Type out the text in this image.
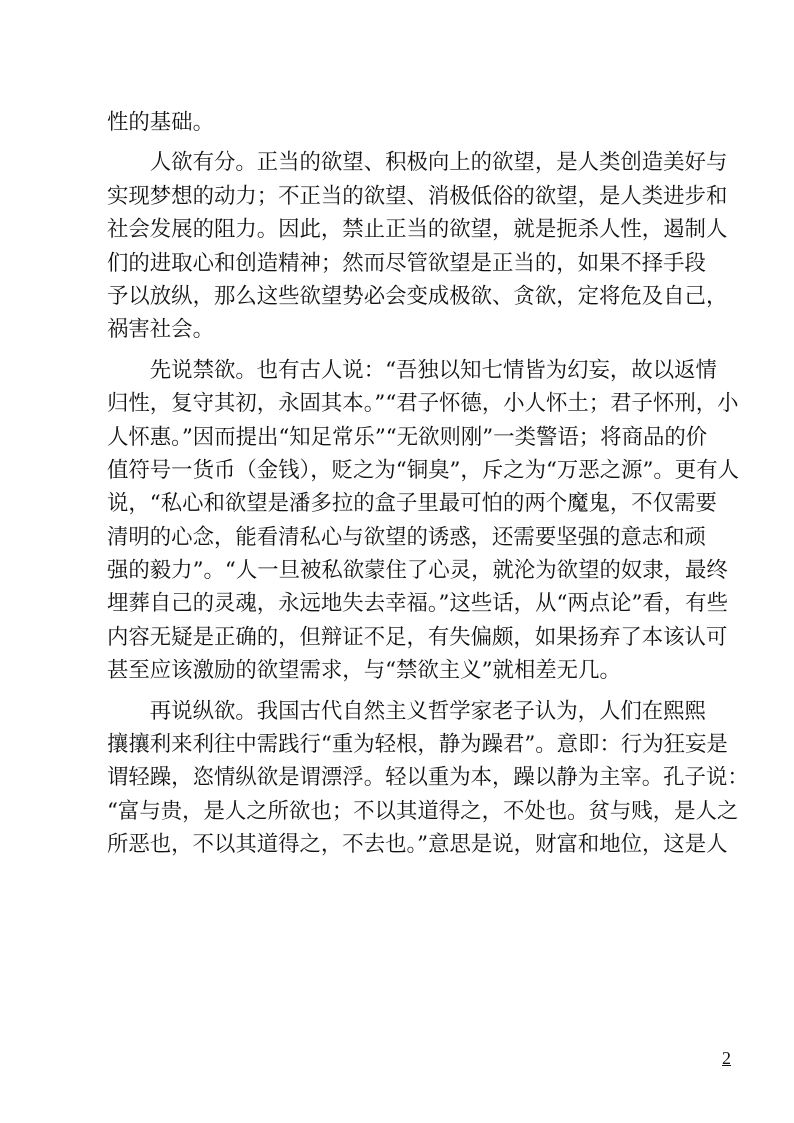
性的基础。
　　人欲有分。正当的欲望、积极向上的欲望，是人类创造美好与
实现梦想的动力；不正当的欲望、消极低俗的欲望，是人类进步和
社会发展的阻力。因此，禁止正当的欲望，就是扼杀人性，遏制人
们的进取心和创造精神；然而尽管欲望是正当的，如果不择手段
予以放纵，那么这些欲望势必会变成极欲、贪欲，定将危及自己，
祸害社会。
　　先说禁欲。也有古人说：“吾独以知七情皆为幻妄，故以返情
归性，复守其初，永固其本。”“君子怀德，小人怀土；君子怀刑，小
人怀惠。”因而提出“知足常乐”“无欲则刚”一类警语；将商品的价
值符号一货币（金钱），贬之为“铜臭”，斥之为“万恶之源”。更有人
说，“私心和欲望是潘多拉的盒子里最可怕的两个魔鬼，不仅需要
清明的心念，能看清私心与欲望的诱惑，还需要坚强的意志和顽
强的毅力”。“人一旦被私欲蒙住了心灵，就沦为欲望的奴隶，最终
埋葬自己的灵魂，永远地失去幸福。”这些话，从“两点论”看，有些
内容无疑是正确的，但辩证不足，有失偏颇，如果扬弃了本该认可
甚至应该激励的欲望需求，与“禁欲主义”就相差无几。
　　再说纵欲。我国古代自然主义哲学家老子认为，人们在熙熙
攘攘利来利往中需践行“重为轻根，静为躁君”。意即：行为狂妄是
谓轻躁，恣情纵欲是谓漂浮。轻以重为本，躁以静为主宰。孔子说：
“富与贵，是人之所欲也；不以其道得之，不处也。贫与贱，是人之
所恶也，不以其道得之，不去也。”意思是说，财富和地位，这是人
2
